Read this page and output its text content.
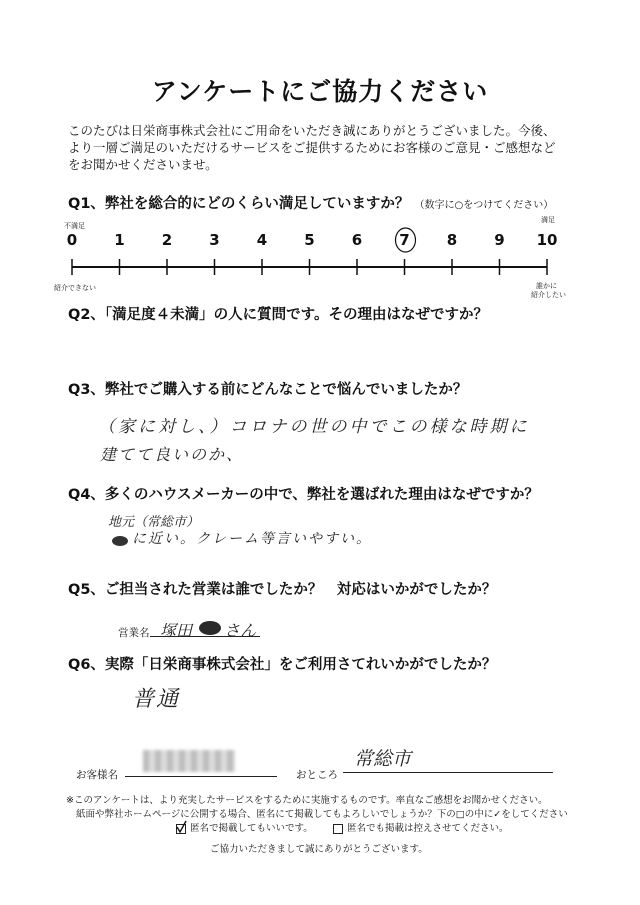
アンケートにご協力ください
このたびは日栄商事株式会社にご用命をいただき誠にありがとうございました。今後、
より一層ご満足のいただけるサービスをご提供するためにお客様のご意見・ご感想など
をお聞かせくださいませ。
Q1、弊社を総合的にどのくらい満足していますか？ （数字に○をつけてください）
不満足
満足
紹介できない	誰かに
紹介したい
0	1	2	3	4	5	6	7	8	9	10
Q2、「満足度４未満」の人に質問です。その理由はなぜですか？
Q3、弊社でご購入する前にどんなことで悩んでいましたか？
（家に対し、）コロナの世の中でこの様な時期に
建てて良いのか、
Q4、多くのハウスメーカーの中で、弊社を選ばれた理由はなぜですか？
地元（常総市）
に近い。クレーム等言いやすい。
Q5、ご担当された営業は誰でしたか？　対応はいかがでしたか？
営業名 塚田 さん
Q6、実際「日栄商事株式会社」をご利用さてれいかがでしたか？
普通
お客様名	おところ
常総市
※このアンケートは、より充実したサービスをするために実施するものです。率直なご感想をお聞かせください。
紙面や弊社ホームページに公開する場合、匿名にて掲載してもよろしいでしょうか？下の□の中に✓をしてください
匿名で掲載してもいいです。	匿名でも掲載は控えさせてください。
ご協力いただきまして誠にありがとうございます。
